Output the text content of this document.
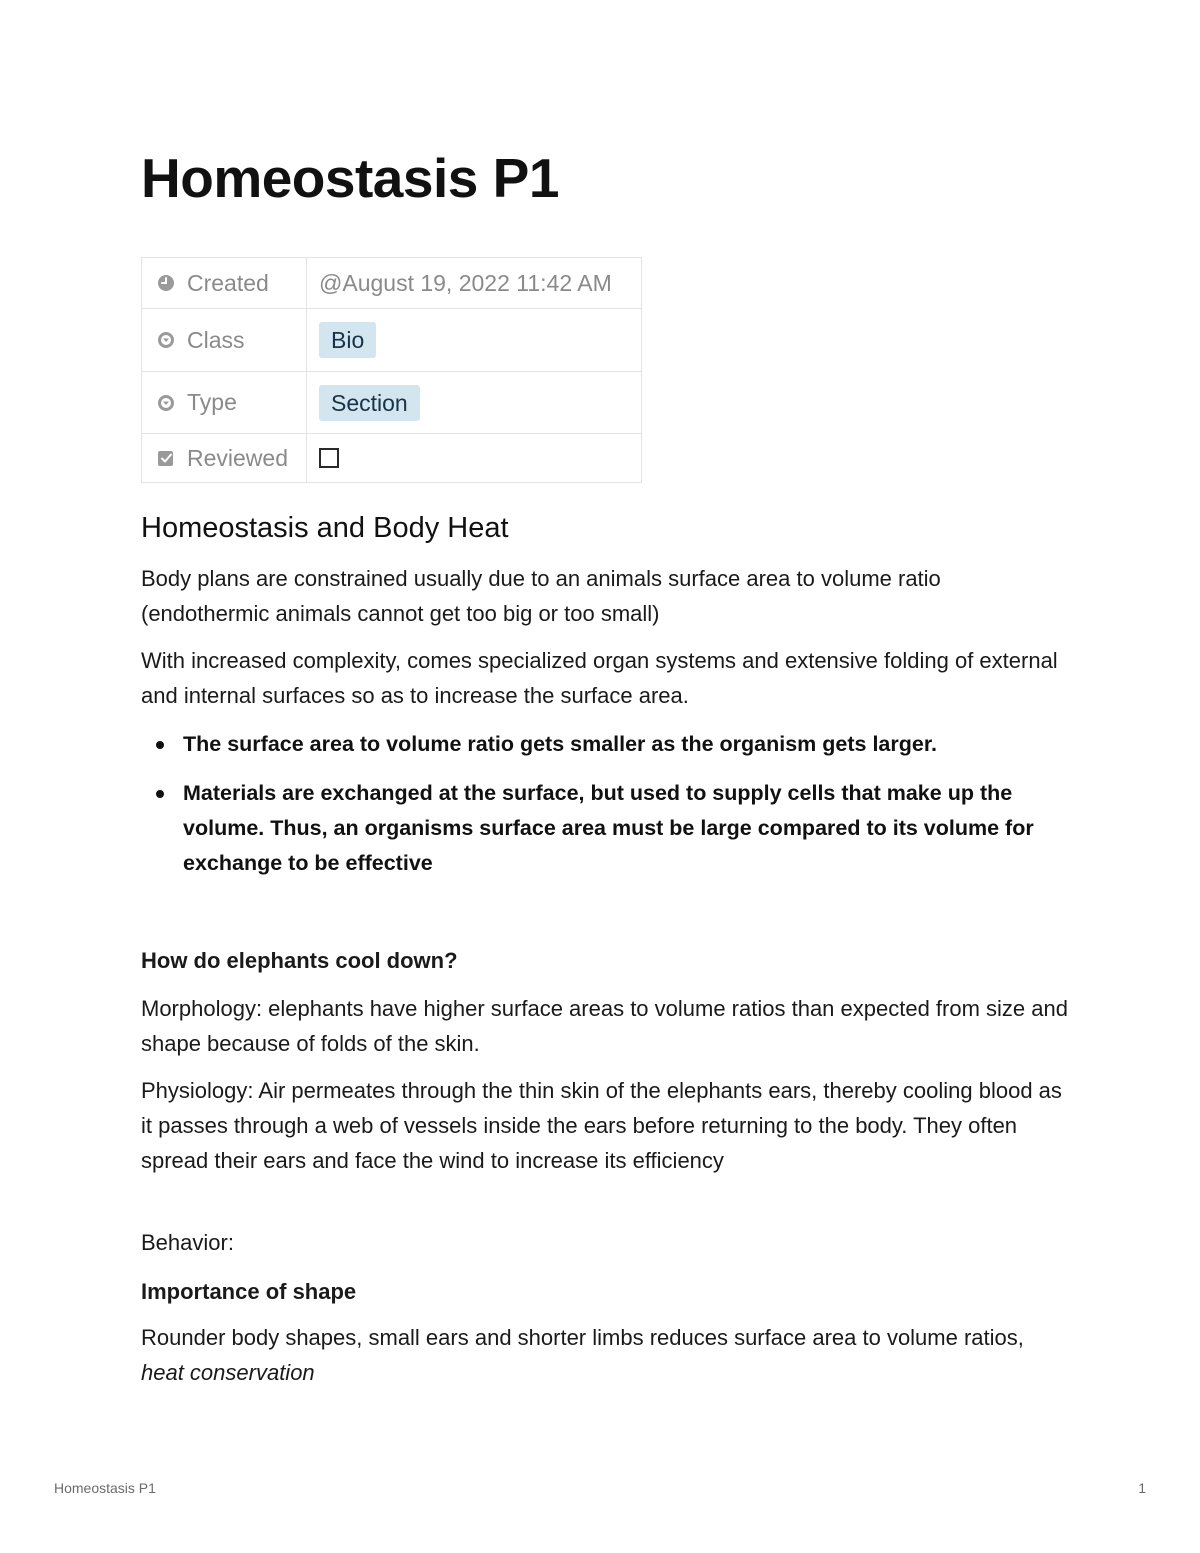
Homeostasis P1
Created	@August 19, 2022 11:42 AM

Class	Bio

Type	Section

Reviewed	

Homeostasis and Body Heat

Body plans are constrained usually due to an animals surface area to volume ratio (endothermic animals cannot get too big or too small)

With increased complexity, comes specialized organ systems and extensive folding of external and internal surfaces so as to increase the surface area.

The surface area to volume ratio gets smaller as the organism gets larger.
Materials are exchanged at the surface, but used to supply cells that make up the volume. Thus, an organisms surface area must be large compared to its volume for exchange to be effective

How do elephants cool down?

Morphology: elephants have higher surface areas to volume ratios than expected from size and shape because of folds of the skin.

Physiology: Air permeates through the thin skin of the elephants ears, thereby cooling blood as it passes through a web of vessels inside the ears before returning to the body. They often spread their ears and face the wind to increase its efficiency

Behavior:

Importance of shape

Rounder body shapes, small ears and shorter limbs reduces surface area to volume ratios, heat conservation

Homeostasis P1	1
